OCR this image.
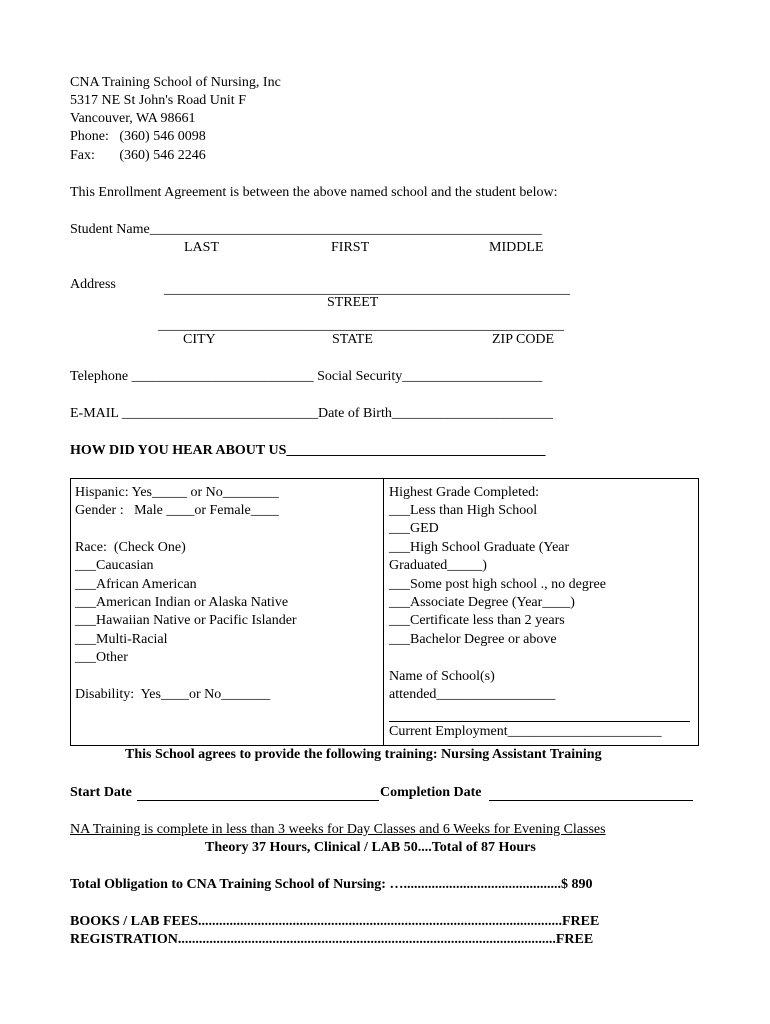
CNA Training School of Nursing, Inc
5317 NE St John's Road Unit F
Vancouver, WA 98661
Phone:   (360) 546 0098
Fax:       (360) 546 2246
This Enrollment Agreement is between the above named school and the student below:
Student Name________________________________________________________
LAST	FIRST	MIDDLE
Address	__________________________________________________________
STREET
__________________________________________________________
CITY	STATE	ZIP CODE
Telephone __________________________ Social Security____________________
E-MAIL ____________________________Date of Birth_______________________
HOW DID YOU HEAR ABOUT US_____________________________________
Hispanic: Yes_____ or No________
Gender :   Male ____or Female____
Race:  (Check One)
___Caucasian
___African American
___American Indian or Alaska Native
___Hawaiian Native or Pacific Islander
___Multi-Racial
___Other
Disability:  Yes____or No_______
Highest Grade Completed:
___Less than High School
___GED
___High School Graduate (Year
Graduated_____)
___Some post high school ., no degree
___Associate Degree (Year____)
___Certificate less than 2 years
___Bachelor Degree or above
Name of School(s)
attended_________________
Current Employment______________________
This School agrees to provide the following training: Nursing Assistant Training
Start Date	Completion Date
NA Training is complete in less than 3 weeks for Day Classes and 6 Weeks for Evening Classes
Theory 37 Hours, Clinical / LAB 50....Total of 87 Hours
Total Obligation to CNA Training School of Nursing: ….............................................$ 890
BOOKS / LAB FEES........................................................................................................FREE
REGISTRATION............................................................................................................FREE
